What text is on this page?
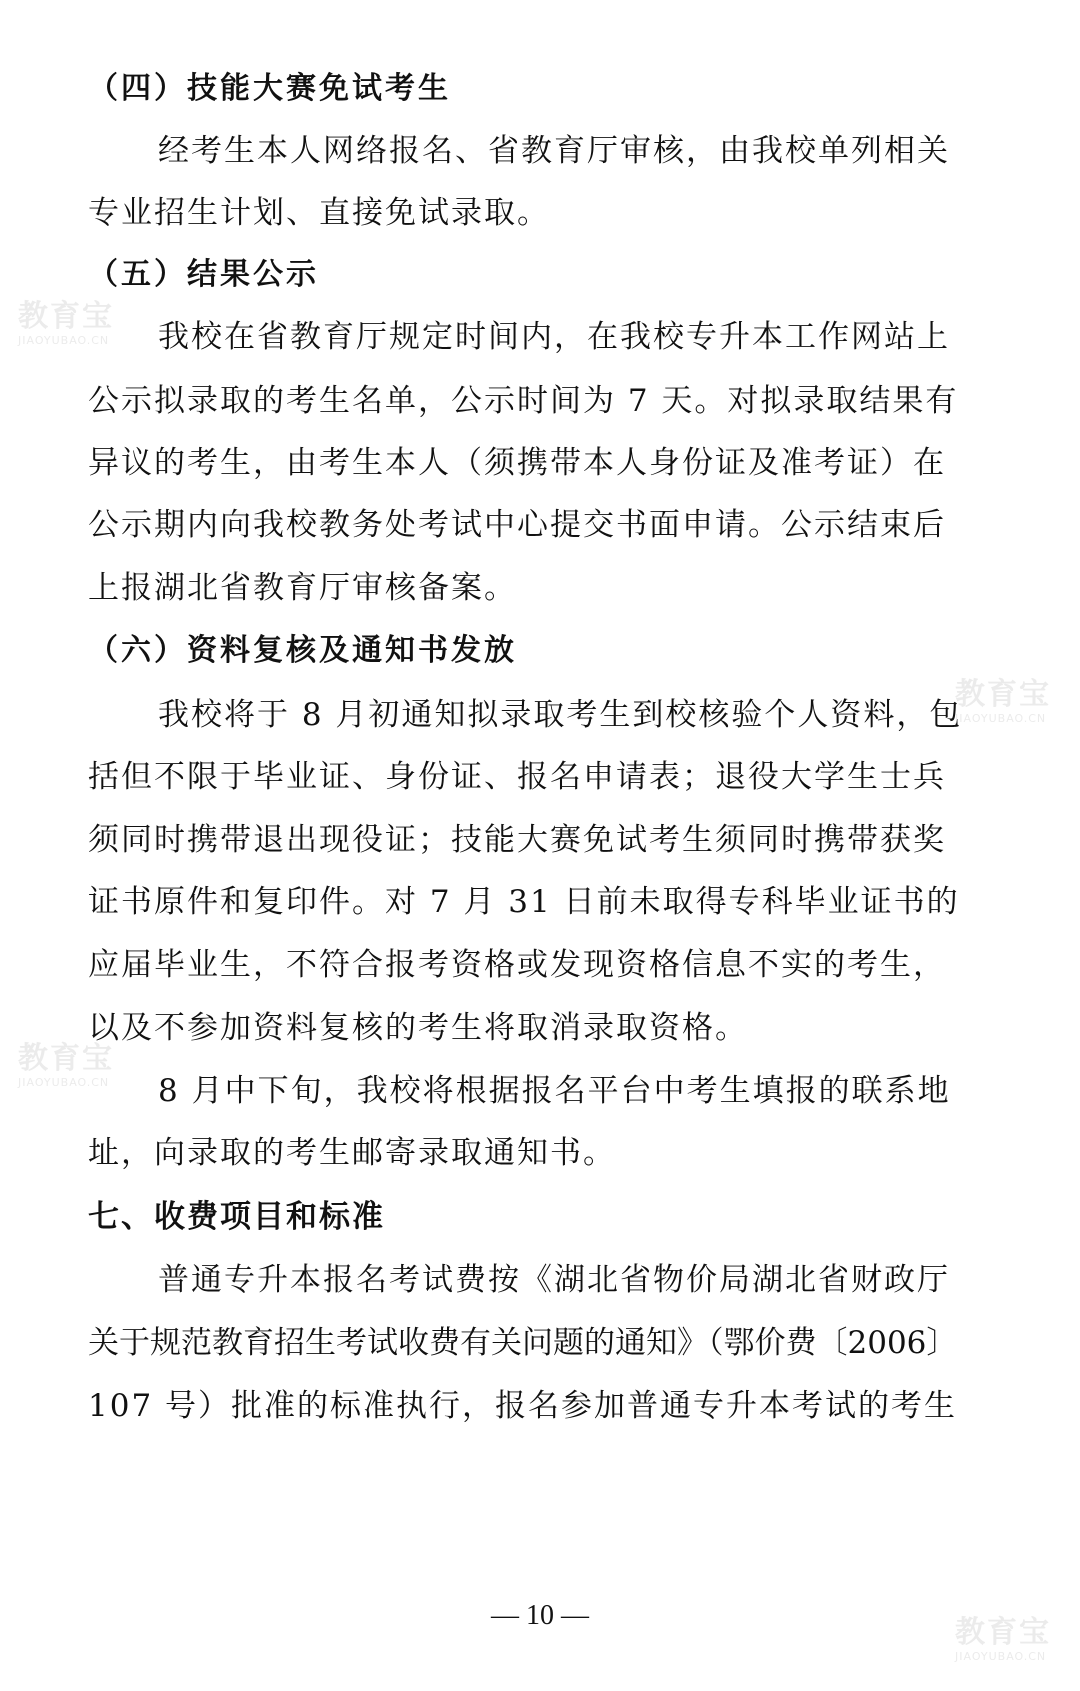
（四）技能大赛免试考生
经考生本人网络报名、省教育厅审核，由我校单列相关
专业招生计划、直接免试录取。
（五）结果公示
我校在省教育厅规定时间内，在我校专升本工作网站上
公示拟录取的考生名单，公示时间为 7 天。对拟录取结果有
异议的考生，由考生本人（须携带本人身份证及准考证）在
公示期内向我校教务处考试中心提交书面申请。公示结束后
上报湖北省教育厅审核备案。
（六）资料复核及通知书发放
我校将于 8 月初通知拟录取考生到校核验个人资料，包
括但不限于毕业证、身份证、报名申请表；退役大学生士兵
须同时携带退出现役证；技能大赛免试考生须同时携带获奖
证书原件和复印件。对 7 月 31 日前未取得专科毕业证书的
应届毕业生，不符合报考资格或发现资格信息不实的考生，
以及不参加资料复核的考生将取消录取资格。
8 月中下旬，我校将根据报名平台中考生填报的联系地
址，向录取的考生邮寄录取通知书。
七、收费项目和标准
普通专升本报名考试费按《湖北省物价局湖北省财政厅
关于规范教育招生考试收费有关问题的通知》（鄂价费〔2006〕
107 号）批准的标准执行，报名参加普通专升本考试的考生
— 10 —
教育宝
JIAOYUBAO.CN
教育宝
JIAOYUBAO.CN
教育宝
JIAOYUBAO.CN
教育宝
JIAOYUBAO.CN
